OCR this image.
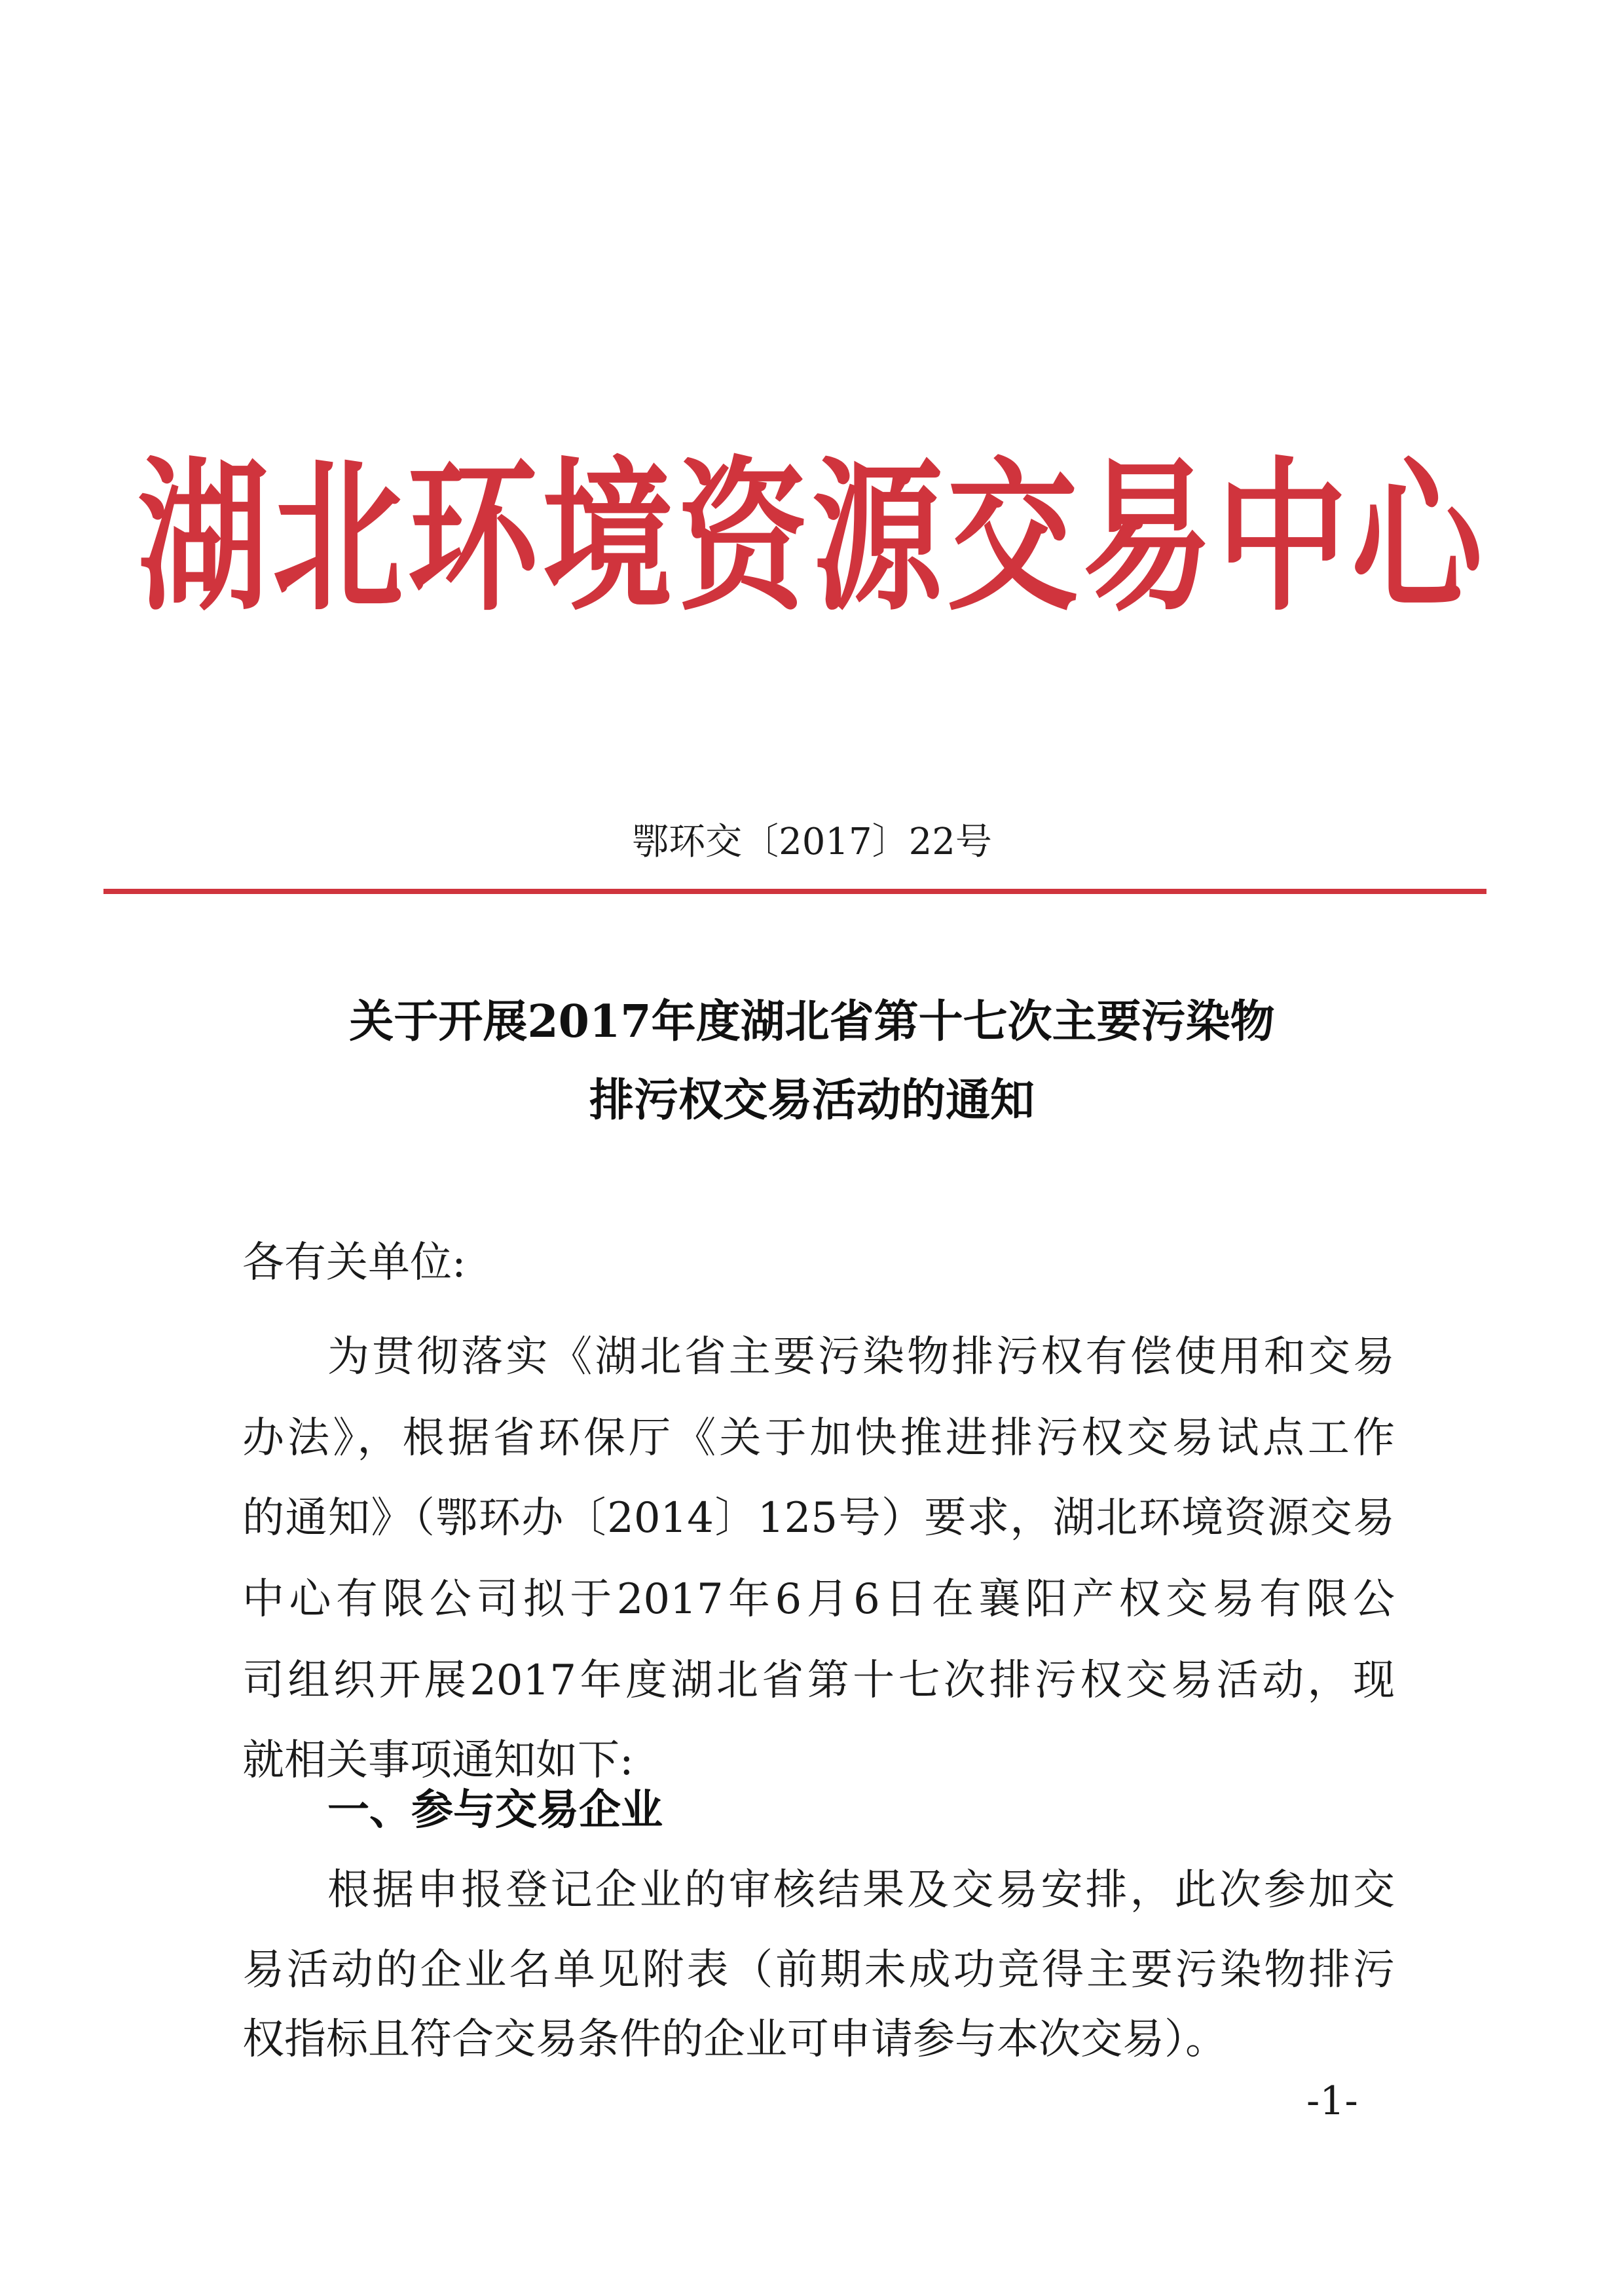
湖北环境资源交易中心
鄂环交〔2017〕22号
关于开展2017年度湖北省第十七次主要污染物
排污权交易活动的通知
各有关单位:
为贯彻落实《湖北省主要污染物排污权有偿使用和交易
办法》，根据省环保厅《关于加快推进排污权交易试点工作
的通知》（鄂环办〔2014〕125号）要求，湖北环境资源交易
中心有限公司拟于2017年6月6日在襄阳产权交易有限公
司组织开展2017年度湖北省第十七次排污权交易活动，现
就相关事项通知如下:
一、参与交易企业
根据申报登记企业的审核结果及交易安排，此次参加交
易活动的企业名单见附表（前期未成功竞得主要污染物排污
权指标且符合交易条件的企业可申请参与本次交易）。
-1-
